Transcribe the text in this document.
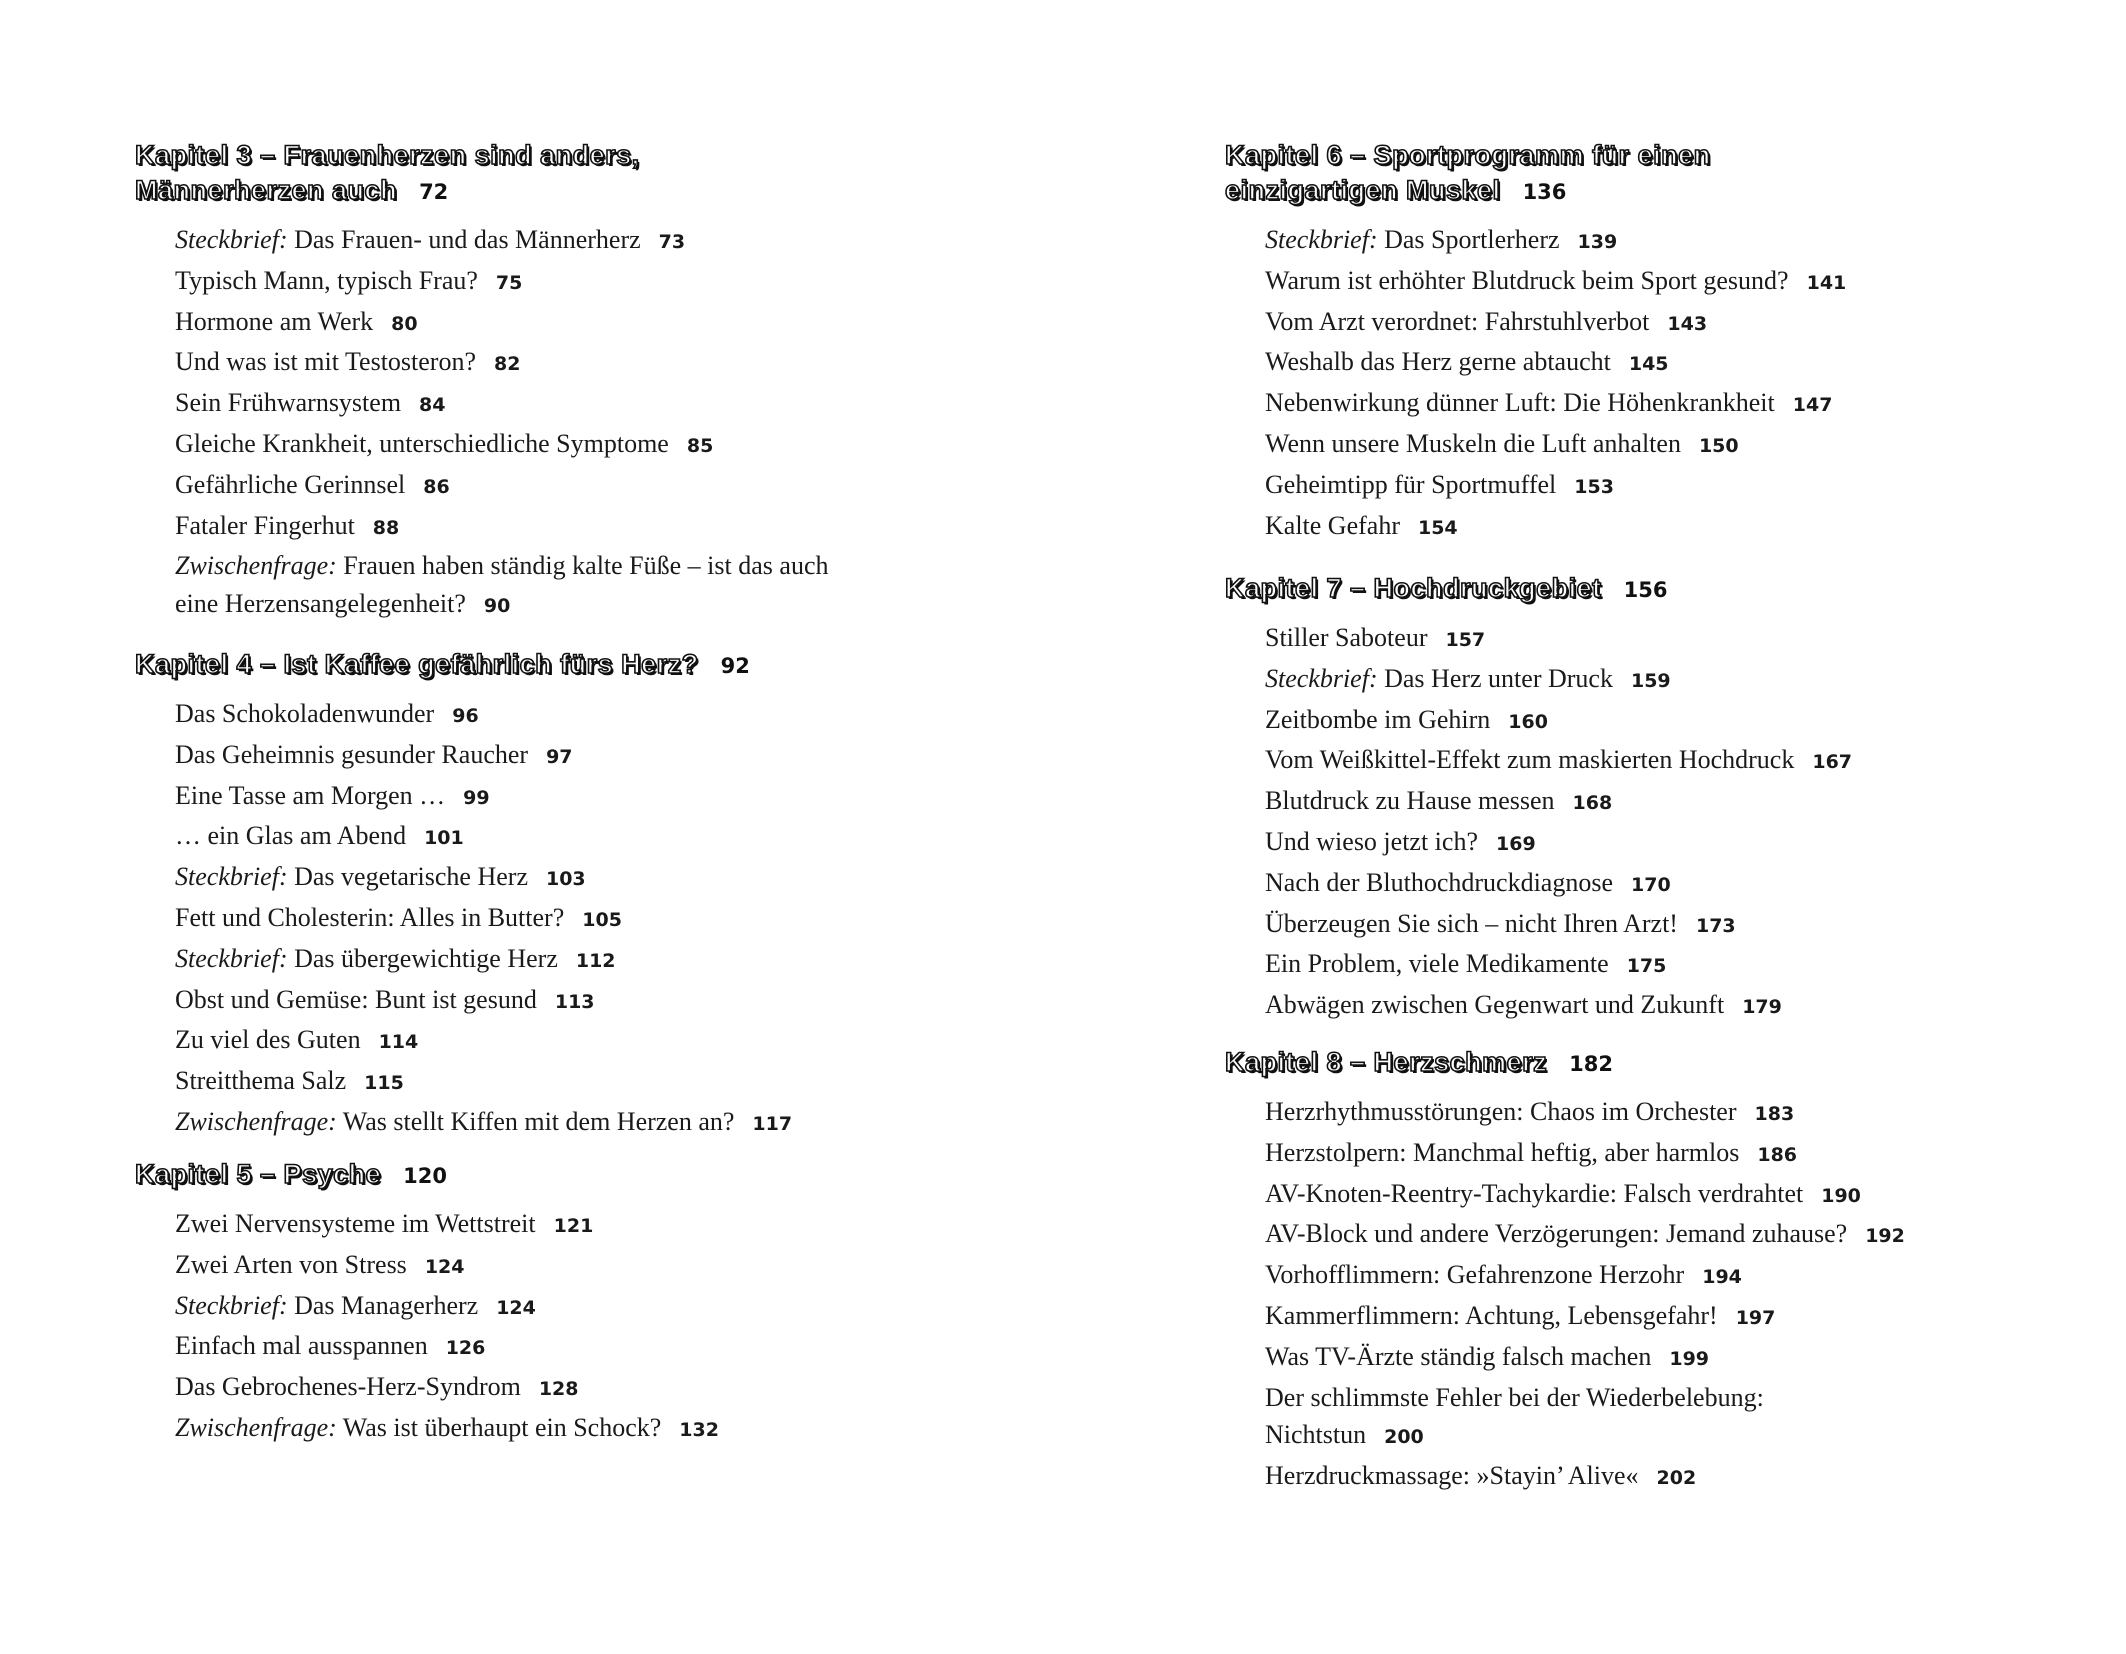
Kapitel 3 – Frauenherzen sind anders,
Männerherzen auch 72
Steckbrief: Das Frauen- und das Männerherz 73
Typisch Mann, typisch Frau? 75
Hormone am Werk 80
Und was ist mit Testosteron? 82
Sein Frühwarnsystem 84
Gleiche Krankheit, unterschiedliche Symptome 85
Gefährliche Gerinnsel 86
Fataler Fingerhut 88
Zwischenfrage: Frauen haben ständig kalte Füße – ist das auch
eine Herzensangelegenheit? 90
Kapitel 4 – Ist Kaffee gefährlich fürs Herz? 92
Das Schokoladenwunder 96
Das Geheimnis gesunder Raucher 97
Eine Tasse am Morgen … 99
… ein Glas am Abend 101
Steckbrief: Das vegetarische Herz 103
Fett und Cholesterin: Alles in Butter? 105
Steckbrief: Das übergewichtige Herz 112
Obst und Gemüse: Bunt ist gesund 113
Zu viel des Guten 114
Streitthema Salz 115
Zwischenfrage: Was stellt Kiffen mit dem Herzen an? 117
Kapitel 5 – Psyche 120
Zwei Nervensysteme im Wettstreit 121
Zwei Arten von Stress 124
Steckbrief: Das Managerherz 124
Einfach mal ausspannen 126
Das Gebrochenes-Herz-Syndrom 128
Zwischenfrage: Was ist überhaupt ein Schock? 132
Kapitel 6 – Sportprogramm für einen
einzigartigen Muskel 136
Steckbrief: Das Sportlerherz 139
Warum ist erhöhter Blutdruck beim Sport gesund? 141
Vom Arzt verordnet: Fahrstuhlverbot 143
Weshalb das Herz gerne abtaucht 145
Nebenwirkung dünner Luft: Die Höhenkrankheit 147
Wenn unsere Muskeln die Luft anhalten 150
Geheimtipp für Sportmuffel 153
Kalte Gefahr 154
Kapitel 7 – Hochdruckgebiet 156
Stiller Saboteur 157
Steckbrief: Das Herz unter Druck 159
Zeitbombe im Gehirn 160
Vom Weißkittel-Effekt zum maskierten Hochdruck 167
Blutdruck zu Hause messen 168
Und wieso jetzt ich? 169
Nach der Bluthochdruckdiagnose 170
Überzeugen Sie sich – nicht Ihren Arzt! 173
Ein Problem, viele Medikamente 175
Abwägen zwischen Gegenwart und Zukunft 179
Kapitel 8 – Herzschmerz 182
Herzrhythmusstörungen: Chaos im Orchester 183
Herzstolpern: Manchmal heftig, aber harmlos 186
AV-Knoten-Reentry-Tachykardie: Falsch verdrahtet 190
AV-Block und andere Verzögerungen: Jemand zuhause? 192
Vorhofflimmern: Gefahrenzone Herzohr 194
Kammerflimmern: Achtung, Lebensgefahr! 197
Was TV-Ärzte ständig falsch machen 199
Der schlimmste Fehler bei der Wiederbelebung:
Nichtstun 200
Herzdruckmassage: »Stayin’ Alive« 202
